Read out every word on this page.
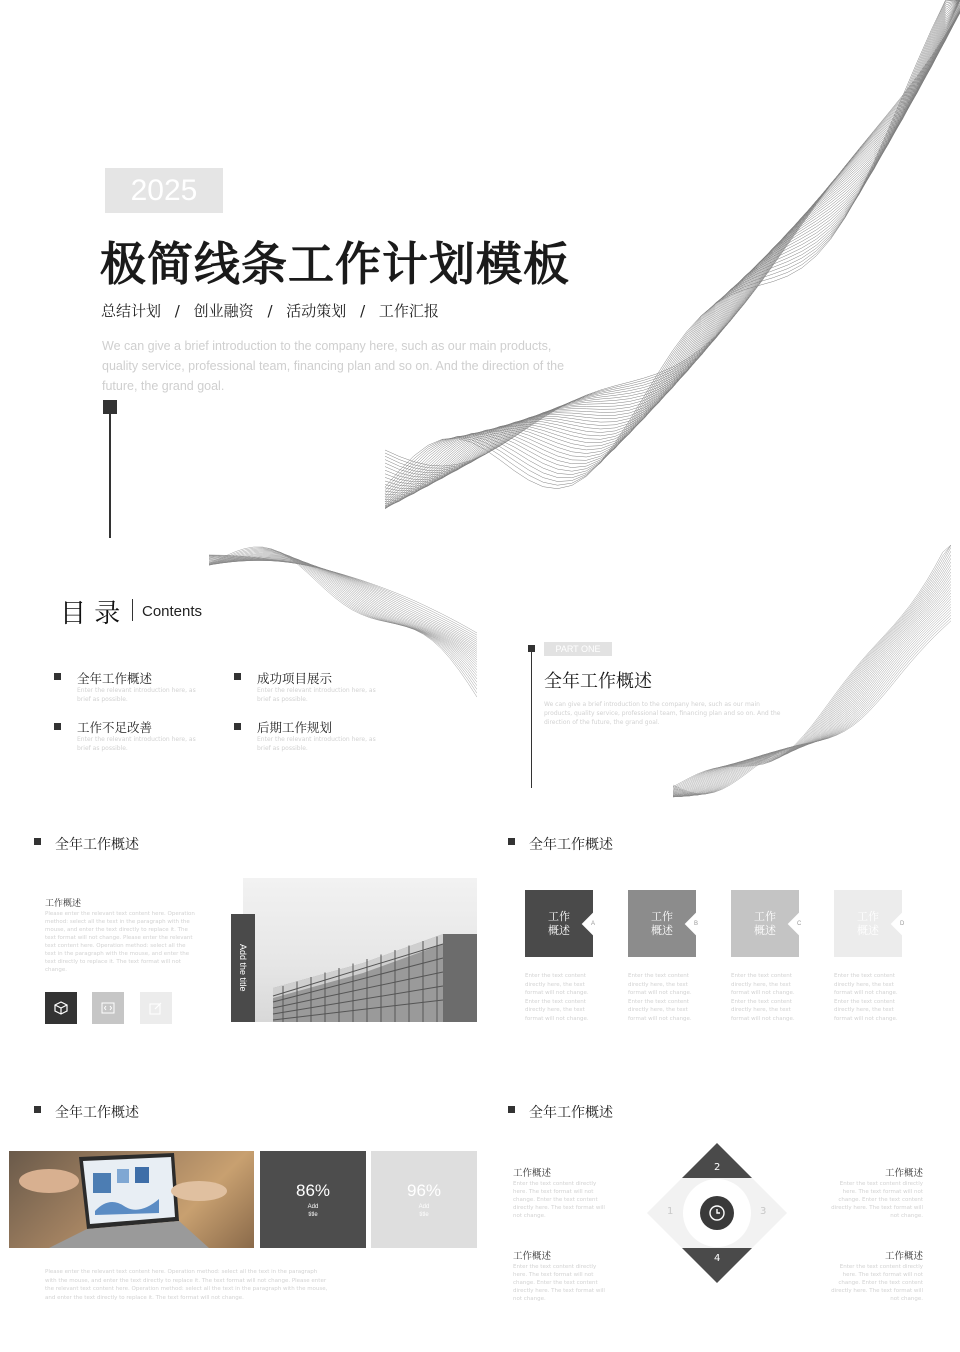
2025
极简线条工作计划模板
总结计划 / 创业融资 / 活动策划 / 工作汇报
We can give a brief introduction to the company here, such as our main products, quality service, professional team, financing plan and so on. And the direction of the future, the grand goal.
目 录 Contents
全年工作概述
Enter the relevant introduction here, as brief as possible.
成功项目展示
Enter the relevant introduction here, as brief as possible.
工作不足改善
Enter the relevant introduction here, as brief as possible.
后期工作规划
Enter the relevant introduction here, as brief as possible.
PART ONE
全年工作概述
We can give a brief introduction to the company here, such as our main products, quality service, professional team, financing plan and so on. And the direction of the future, the grand goal.
全年工作概述
工作概述
Please enter the relevant text content here. Operation method: select all the text in the paragraph with the mouse, and enter the text directly to replace it. The text format will not change. Please enter the relevant text content here. Operation method: select all the text in the paragraph with the mouse, and enter the text directly to replace it. The text format will not change.	Add the title
全年工作概述
工作
概述	A
Enter the text content directly here, the text format will not change. Enter the text content directly here, the text format will not change.
工作
概述	B
Enter the text content directly here, the text format will not change. Enter the text content directly here, the text format will not change.
工作
概述	C
Enter the text content directly here, the text format will not change. Enter the text content directly here, the text format will not change.
工作
概述	D
Enter the text content directly here, the text format will not change. Enter the text content directly here, the text format will not change.
全年工作概述
86%
Add
title
96%
Add
title
Please enter the relevant text content here. Operation method: select all the text in the paragraph with the mouse, and enter the text directly to replace it. The text format will not change. Please enter the relevant text content here. Operation method: select all the text in the paragraph with the mouse, and enter the text directly to replace it. The text format will not change.
全年工作概述
1
2
3
4
工作概述
Enter the text content directly here. The text format will not change. Enter the text content directly here. The text format will not change.
工作概述
Enter the text content directly here. The text format will not change. Enter the text content directly here. The text format will not change.
工作概述
Enter the text content directly here. The text format will not change. Enter the text content directly here. The text format will not change.
工作概述
Enter the text content directly here. The text format will not change. Enter the text content directly here. The text format will not change.
